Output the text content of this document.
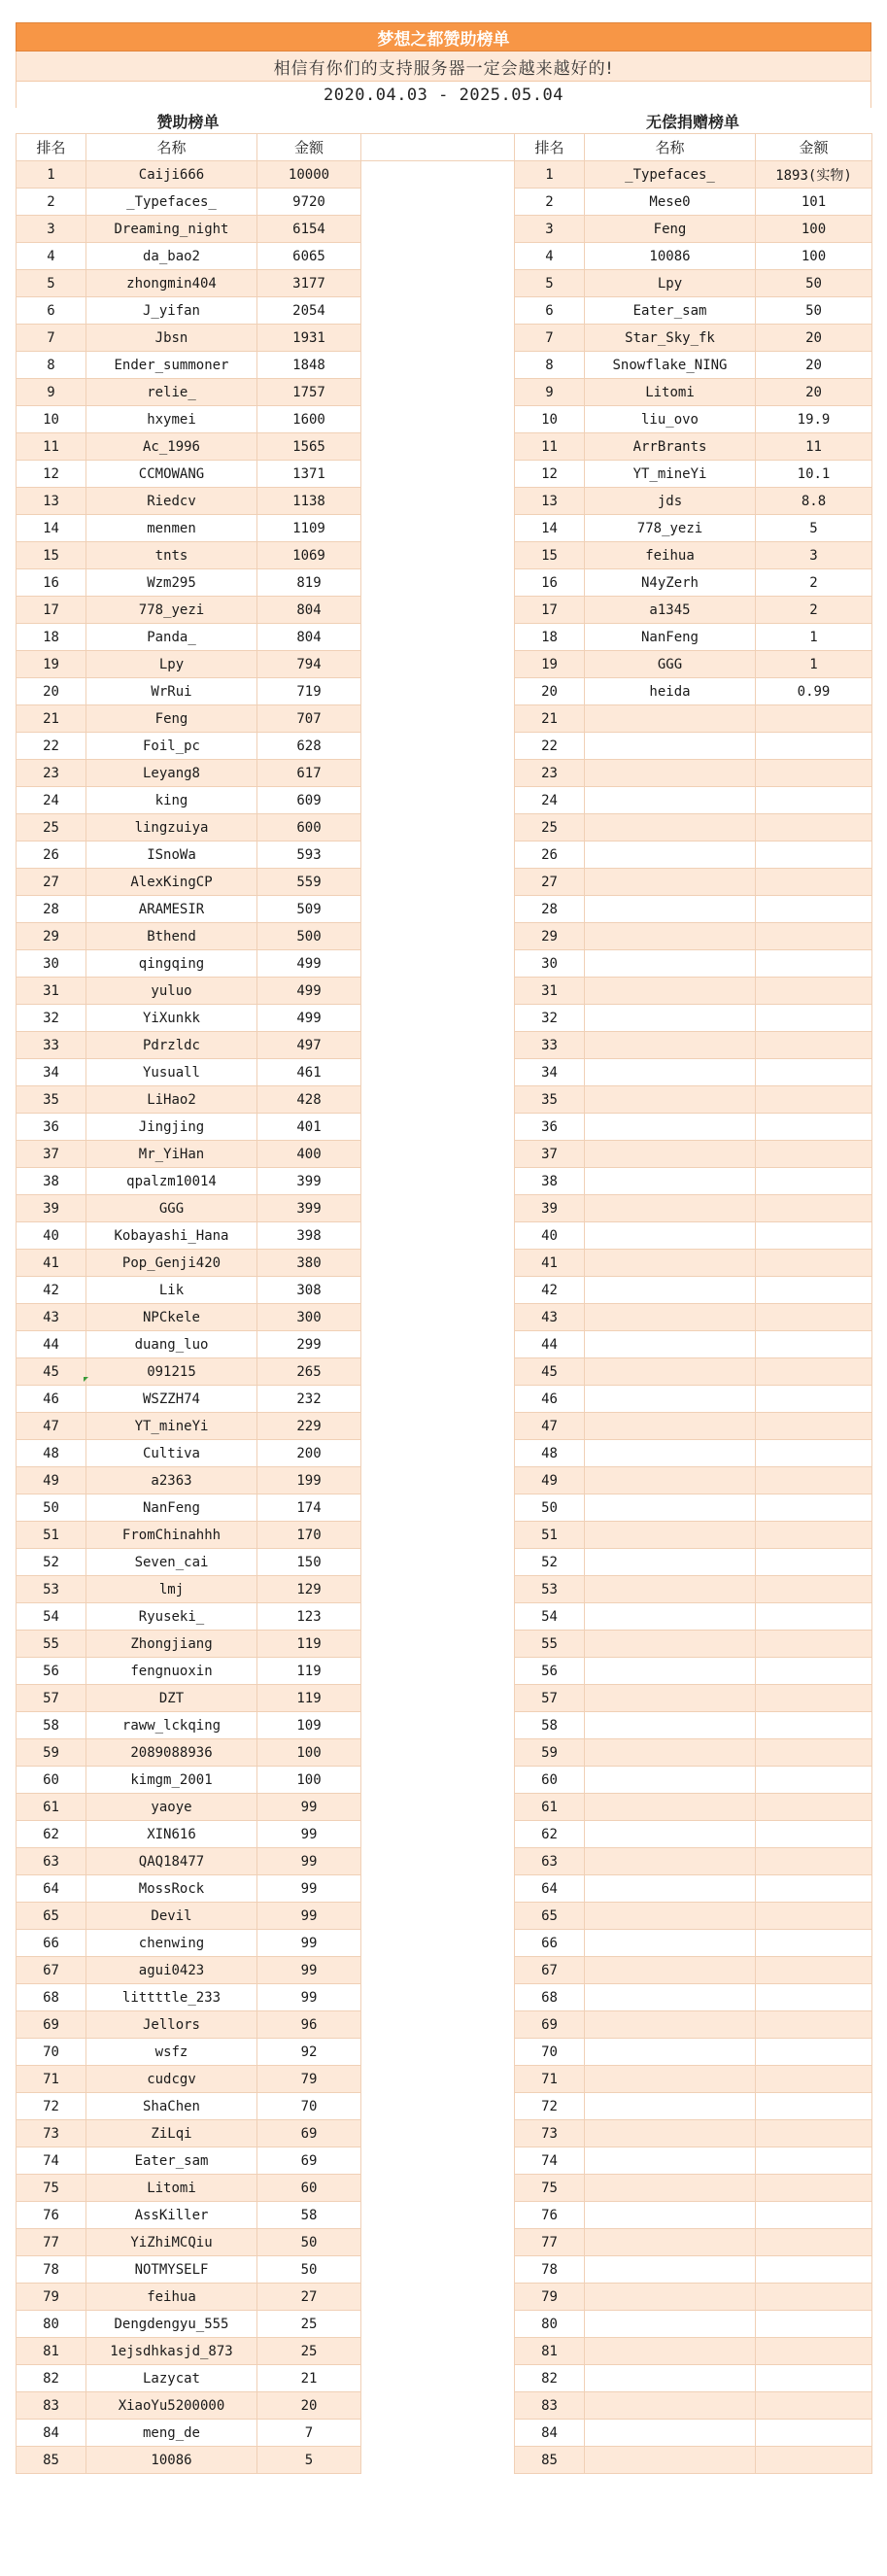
梦想之都赞助榜单
相信有你们的支持服务器一定会越来越好的!
2020.04.03 - 2025.05.04
赞助榜单	无偿捐赠榜单
排名	名称	金额		排名	名称	金额
1	Caiji666	10000		1	_Typefaces_	1893(实物)
2	_Typefaces_	9720		2	Mese0	101
3	Dreaming_night	6154		3	Feng	100
4	da_bao2	6065		4	10086	100
5	zhongmin404	3177		5	Lpy	50
6	J_yifan	2054		6	Eater_sam	50
7	Jbsn	1931		7	Star_Sky_fk	20
8	Ender_summoner	1848		8	Snowflake_NING	20
9	relie_	1757		9	Litomi	20
10	hxymei	1600		10	liu_ovo	19.9
11	Ac_1996	1565		11	ArrBrants	11
12	CCMOWANG	1371		12	YT_mineYi	10.1
13	Riedcv	1138		13	jds	8.8
14	menmen	1109		14	778_yezi	5
15	tnts	1069		15	feihua	3
16	Wzm295	819		16	N4yZerh	2
17	778_yezi	804		17	a1345	2
18	Panda_	804		18	NanFeng	1
19	Lpy	794		19	GGG	1
20	WrRui	719		20	heida	0.99
21	Feng	707		21		
22	Foil_pc	628		22		
23	Leyang8	617		23		
24	king	609		24		
25	lingzuiya	600		25		
26	ISnoWa	593		26		
27	AlexKingCP	559		27		
28	ARAMESIR	509		28		
29	Bthend	500		29		
30	qingqing	499		30		
31	yuluo	499		31		
32	YiXunkk	499		32		
33	Pdrzldc	497		33		
34	Yusuall	461		34		
35	LiHao2	428		35		
36	Jingjing	401		36		
37	Mr_YiHan	400		37		
38	qpalzm10014	399		38		
39	GGG	399		39		
40	Kobayashi_Hana	398		40		
41	Pop_Genji420	380		41		
42	Lik	308		42		
43	NPCkele	300		43		
44	duang_luo	299		44		
45	091215	265		45		
46	WSZZH74	232		46		
47	YT_mineYi	229		47		
48	Cultiva	200		48		
49	a2363	199		49		
50	NanFeng	174		50		
51	FromChinahhh	170		51		
52	Seven_cai	150		52		
53	lmj	129		53		
54	Ryuseki_	123		54		
55	Zhongjiang	119		55		
56	fengnuoxin	119		56		
57	DZT	119		57		
58	raww_lckqing	109		58		
59	2089088936	100		59		
60	kimgm_2001	100		60		
61	yaoye	99		61		
62	XIN616	99		62		
63	QAQ18477	99		63		
64	MossRock	99		64		
65	Devil	99		65		
66	chenwing	99		66		
67	agui0423	99		67		
68	littttle_233	99		68		
69	Jellors	96		69		
70	wsfz	92		70		
71	cudcgv	79		71		
72	ShaChen	70		72		
73	ZiLqi	69		73		
74	Eater_sam	69		74		
75	Litomi	60		75		
76	AssKiller	58		76		
77	YiZhiMCQiu	50		77		
78	NOTMYSELF	50		78		
79	feihua	27		79		
80	Dengdengyu_555	25		80		
81	1ejsdhkasjd_873	25		81		
82	Lazycat	21		82		
83	XiaoYu5200000	20		83		
84	meng_de	7		84		
85	10086	5		85		
